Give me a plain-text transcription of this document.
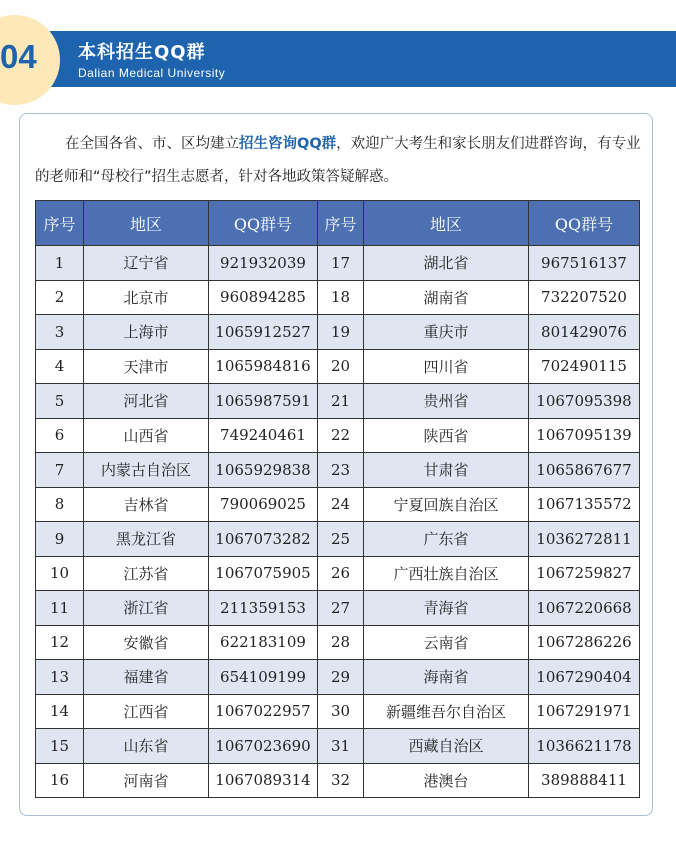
04 本科招生QQ群
Dalian Medical University

在全国各省、市、区均建立招生咨询QQ群，欢迎广大考生和家长朋友们进群咨询，有专业的老师和“母校行”招生志愿者，针对各地政策答疑解惑。

序号	地区	QQ群号	序号	地区	QQ群号
1	辽宁省	921932039	17	湖北省	967516137
2	北京市	960894285	18	湖南省	732207520
3	上海市	1065912527	19	重庆市	801429076
4	天津市	1065984816	20	四川省	702490115
5	河北省	1065987591	21	贵州省	1067095398
6	山西省	749240461	22	陕西省	1067095139
7	内蒙古自治区	1065929838	23	甘肃省	1065867677
8	吉林省	790069025	24	宁夏回族自治区	1067135572
9	黑龙江省	1067073282	25	广东省	1036272811
10	江苏省	1067075905	26	广西壮族自治区	1067259827
11	浙江省	211359153	27	青海省	1067220668
12	安徽省	622183109	28	云南省	1067286226
13	福建省	654109199	29	海南省	1067290404
14	江西省	1067022957	30	新疆维吾尔自治区	1067291971
15	山东省	1067023690	31	西藏自治区	1036621178
16	河南省	1067089314	32	港澳台	389888411
